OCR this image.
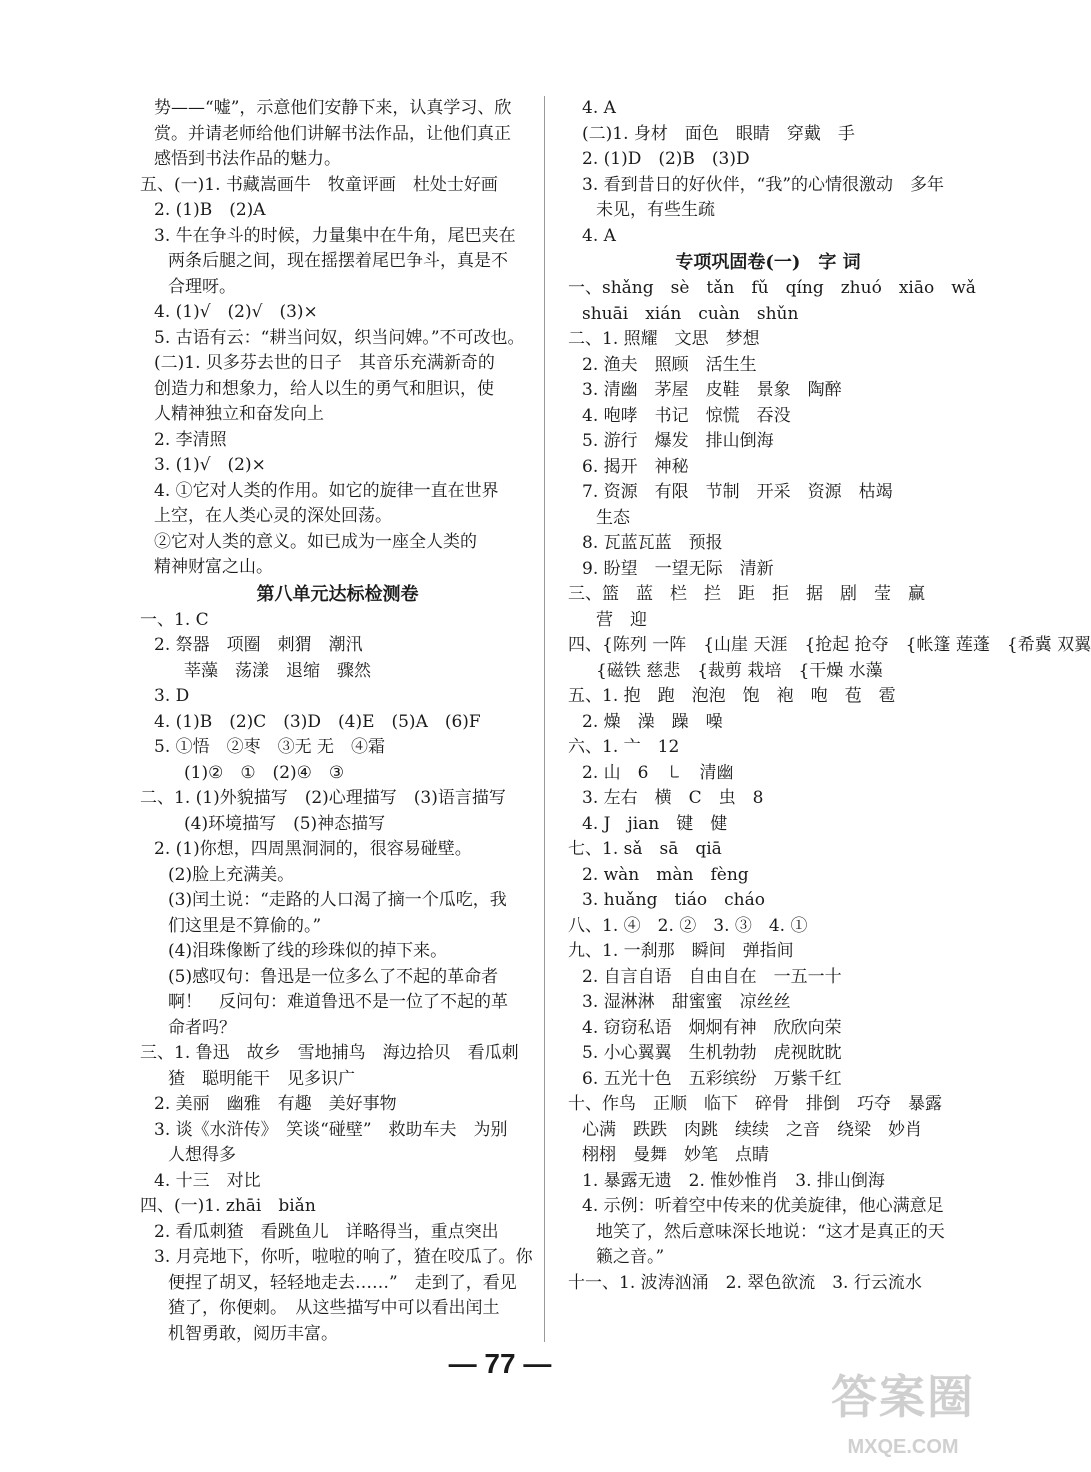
势——“嘘”，示意他们安静下来，认真学习、欣
赏。并请老师给他们讲解书法作品，让他们真正
感悟到书法作品的魅力。
五、(一)1. 书藏嵩画牛　牧童评画　杜处士好画
2. (1)B　(2)A
3. 牛在争斗的时候，力量集中在牛角，尾巴夹在
两条后腿之间，现在摇摆着尾巴争斗，真是不
合理呀。
4. (1)√　(2)√　(3)×
5. 古语有云：“耕当问奴，织当问婢。”不可改也。
(二)1. 贝多芬去世的日子　其音乐充满新奇的
创造力和想象力，给人以生的勇气和胆识，使
人精神独立和奋发向上
2. 李清照
3. (1)√　(2)×
4. ①它对人类的作用。如它的旋律一直在世界
上空，在人类心灵的深处回荡。
②它对人类的意义。如已成为一座全人类的
精神财富之山。
第八单元达标检测卷
一、1. C
2. 祭器　项圈　刺猬　潮汛
莘藻　荡漾　退缩　骤然
3. D
4. (1)B　(2)C　(3)D　(4)E　(5)A　(6)F
5. ①悟　②枣　③无 无　④霜
(1)②　①　(2)④　③
二、1. (1)外貌描写　(2)心理描写　(3)语言描写
(4)环境描写　(5)神态描写
2. (1)你想，四周黑洞洞的，很容易碰壁。
(2)脸上充满美。
(3)闰土说：“走路的人口渴了摘一个瓜吃，我
们这里是不算偷的。”
(4)泪珠像断了线的珍珠似的掉下来。
(5)感叹句：鲁迅是一位多么了不起的革命者
啊！　反问句：难道鲁迅不是一位了不起的革
命者吗？
三、1. 鲁迅　故乡　雪地捕鸟　海边拾贝　看瓜刺
猹　聪明能干　见多识广
2. 美丽　幽雅　有趣　美好事物
3. 谈《水浒传》　笑谈“碰壁”　救助车夫　为别
人想得多
4. 十三　对比
四、(一)1. zhāi　biǎn
2. 看瓜刺猹　看跳鱼儿　详略得当，重点突出
3. 月亮地下，你听，啦啦的响了，猹在咬瓜了。你
便捏了胡叉，轻轻地走去……”　走到了，看见
猹了，你便刺。　从这些描写中可以看出闰土
机智勇敢，阅历丰富。
4. A
(二)1. 身材　面色　眼睛　穿戴　手
2. (1)D　(2)B　(3)D
3. 看到昔日的好伙伴，“我”的心情很激动　多年
未见，有些生疏
4. A
专项巩固卷(一)　字 词
一、shǎng　sè　tǎn　fǔ　qíng　zhuó　xiāo　wǎ
shuāi　xián　cuàn　shǔn
二、1. 照耀　文思　梦想
2. 渔夫　照顾　活生生
3. 清幽　茅屋　皮鞋　景象　陶醉
4. 咆哮　书记　惊慌　吞没
5. 游行　爆发　排山倒海
6. 揭开　神秘
7. 资源　有限　节制　开采　资源　枯竭
生态
8. 瓦蓝瓦蓝　预报
9. 盼望　一望无际　清新
三、篮　蓝　栏　拦　距　拒　据　剧　莹　赢
营　迎
四、{陈列 一阵　{山崖 天涯　{抢起 抢夺　{帐篷 莲蓬　{希冀 双翼
{磁铁 慈悲　{裁剪 栽培　{干燥 水藻
五、1. 抱　跑　泡泡　饱　袍　咆　苞　雹
2. 燥　澡　躁　噪
六、1. 亠　12
2. 山　6　㇄　清幽
3. 左右　横　C　虫　8
4. J　jian　键　健
七、1. sǎ　sā　qiā
2. wàn　màn　fèng
3. huǎng　tiáo　cháo
八、1. ④　2. ②　3. ③　4. ①
九、1. 一刹那　瞬间　弹指间
2. 自言自语　自由自在　一五一十
3. 湿淋淋　甜蜜蜜　凉丝丝
4. 窃窃私语　炯炯有神　欣欣向荣
5. 小心翼翼　生机勃勃　虎视眈眈
6. 五光十色　五彩缤纷　万紫千红
十、作鸟　正顺　临下　碎骨　排倒　巧夺　暴露
心满　跌跌　肉跳　续续　之音　绕梁　妙肖
栩栩　曼舞　妙笔　点睛
1. 暴露无遗　2. 惟妙惟肖　3. 排山倒海
4. 示例：听着空中传来的优美旋律，他心满意足
地笑了，然后意味深长地说：“这才是真正的天
籁之音。”
十一、1. 波涛汹涌　2. 翠色欲流　3. 行云流水
— 77 —
答案圈
MXQE.COM
